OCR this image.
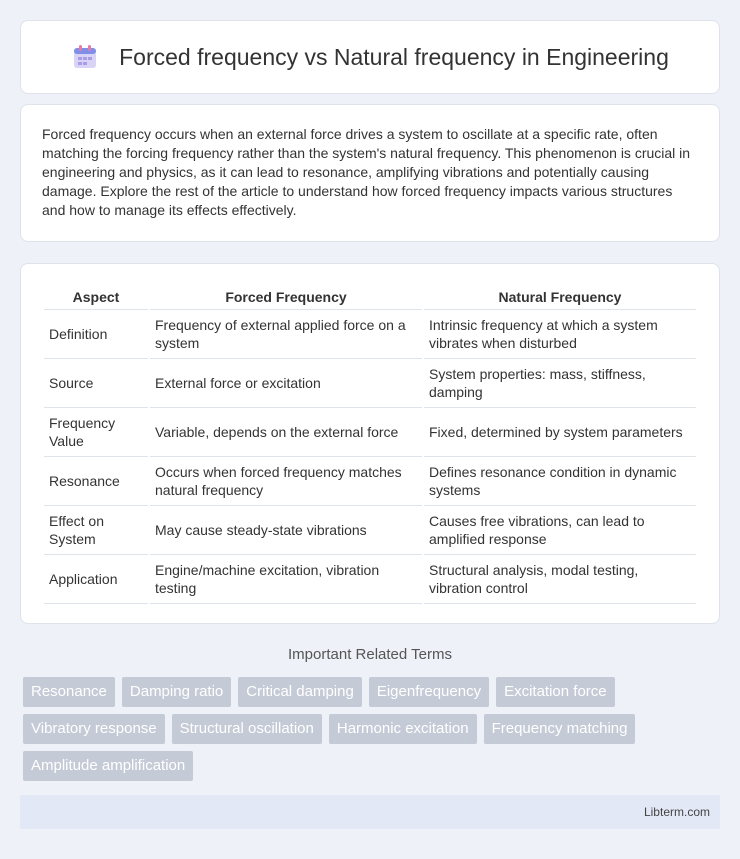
Forced frequency vs Natural frequency in Engineering

Forced frequency occurs when an external force drives a system to oscillate at a specific rate, often matching the forcing frequency rather than the system's natural frequency. This phenomenon is crucial in engineering and physics, as it can lead to resonance, amplifying vibrations and potentially causing damage. Explore the rest of the article to understand how forced frequency impacts various structures and how to manage its effects effectively.

Aspect	Forced Frequency	Natural Frequency
Definition	Frequency of external applied force on a system	Intrinsic frequency at which a system vibrates when disturbed
Source	External force or excitation	System properties: mass, stiffness, damping
Frequency Value	Variable, depends on the external force	Fixed, determined by system parameters
Resonance	Occurs when forced frequency matches natural frequency	Defines resonance condition in dynamic systems
Effect on System	May cause steady-state vibrations	Causes free vibrations, can lead to amplified response
Application	Engine/machine excitation, vibration testing	Structural analysis, modal testing, vibration control
Important Related Terms
Resonance	Damping ratio	Critical damping	Eigenfrequency	Excitation force
Vibratory response	Structural oscillation	Harmonic excitation	Frequency matching
Amplitude amplification
Libterm.com
